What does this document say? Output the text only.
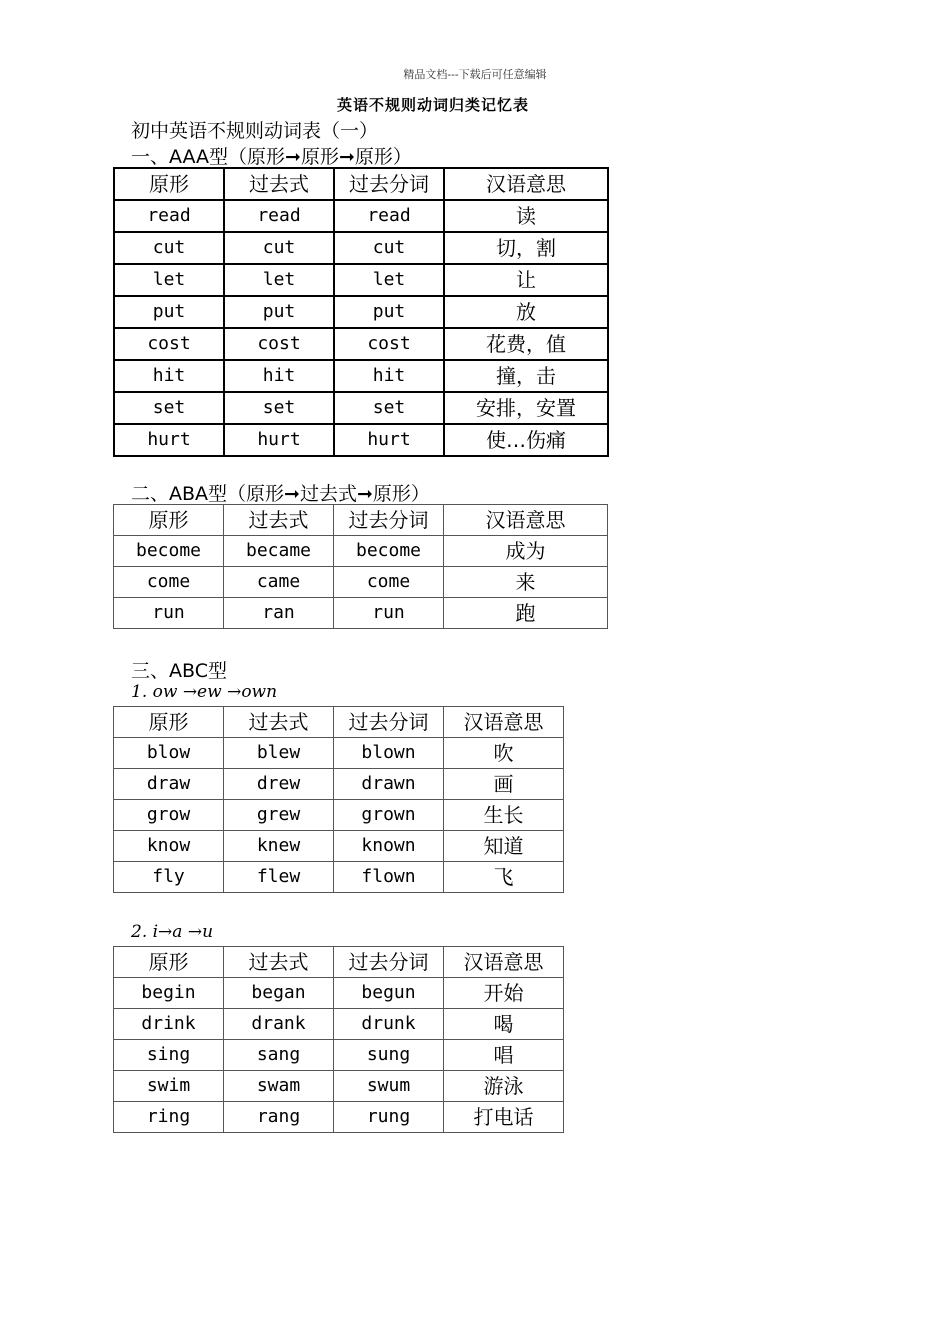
精品文档---下载后可任意编辑
英语不规则动词归类记忆表
初中英语不规则动词表（一）
一、AAA型（原形➞原形➞原形）
原形	过去式	过去分词	汉语意思
read	read	read	读
cut	cut	cut	切，割
let	let	let	让
put	put	put	放
cost	cost	cost	花费，值
hit	hit	hit	撞，击
set	set	set	安排，安置
hurt	hurt	hurt	使…伤痛
二、ABA型（原形➞过去式➞原形）
原形	过去式	过去分词	汉语意思
become	became	become	成为
come	came	come	来
run	ran	run	跑
三、ABC型
1. ow →ew →own
原形	过去式	过去分词	汉语意思
blow	blew	blown	吹
draw	drew	drawn	画
grow	grew	grown	生长
know	knew	known	知道
fly	flew	flown	飞
2. i→a →u
原形	过去式	过去分词	汉语意思
begin	began	begun	开始
drink	drank	drunk	喝
sing	sang	sung	唱
swim	swam	swum	游泳
ring	rang	rung	打电话
